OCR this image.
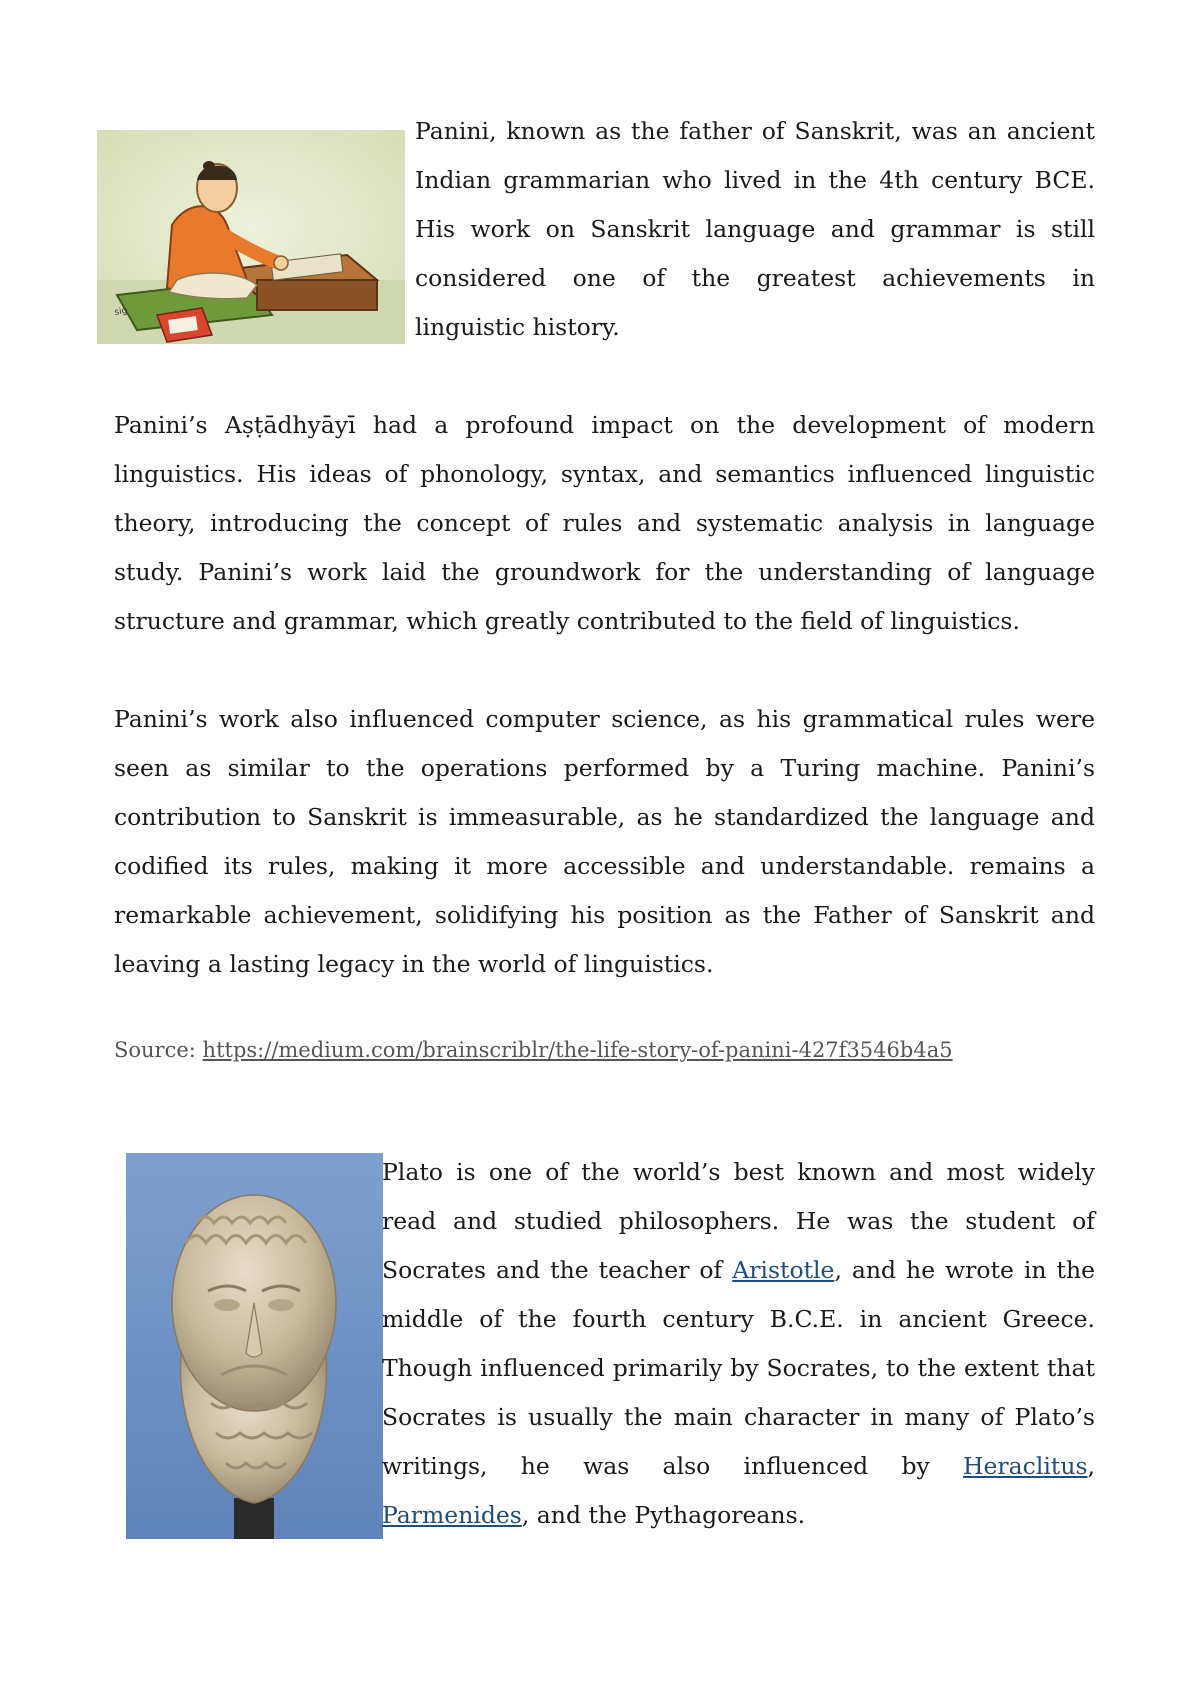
sig

Panini, known as the father of Sanskrit, was an ancient Indian grammarian who lived in the 4th century BCE. His work on Sanskrit language and grammar is still considered one of the greatest achievements in linguistic history.

Panini’s Aṣṭādhyāyī had a profound impact on the development of modern linguistics. His ideas of phonology, syntax, and semantics influenced linguistic theory, introducing the concept of rules and systematic analysis in language study. Panini’s work laid the groundwork for the understanding of language structure and grammar, which greatly contributed to the field of linguistics.

Panini’s work also influenced computer science, as his grammatical rules were seen as similar to the operations performed by a Turing machine. Panini’s contribution to Sanskrit is immeasurable, as he standardized the language and codified its rules, making it more accessible and understandable. remains a remarkable achievement, solidifying his position as the Father of Sanskrit and leaving a lasting legacy in the world of linguistics.

Source: https://medium.com/brainscriblr/the-life-story-of-panini-427f3546b4a5

Plato is one of the world’s best known and most widely read and studied philosophers. He was the student of Socrates and the teacher of Aristotle, and he wrote in the middle of the fourth century B.C.E. in ancient Greece. Though influenced primarily by Socrates, to the extent that Socrates is usually the main character in many of Plato’s writings, he was also influenced by Heraclitus, Parmenides, and the Pythagoreans.
